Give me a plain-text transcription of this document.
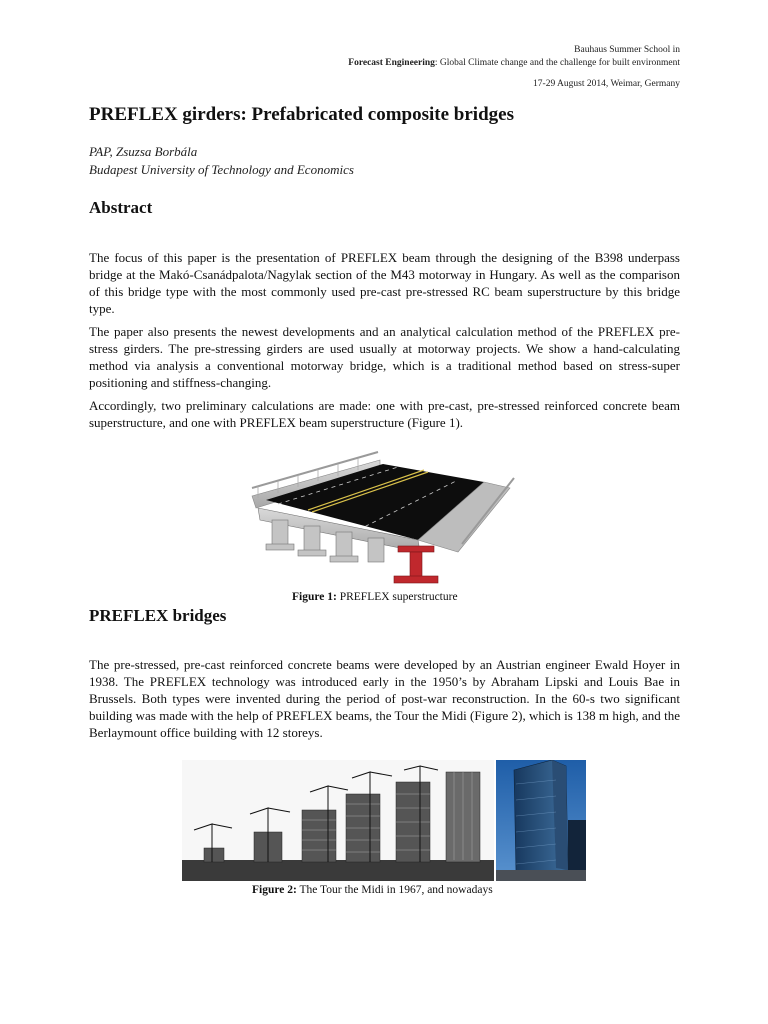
Bauhaus Summer School in
Forecast Engineering: Global Climate change and the challenge for built environment
17-29 August 2014, Weimar, Germany
PREFLEX girders: Prefabricated composite bridges
PAP, Zsuzsa Borbála
Budapest University of Technology and Economics
Abstract

The focus of this paper is the presentation of PREFLEX beam through the designing of the B398 underpass bridge at the Makó-Csanádpalota/Nagylak section of the M43 motorway in Hungary. As well as the comparison of this bridge type with the most commonly used pre-cast pre-stressed RC beam superstructure by this bridge type.

The paper also presents the newest developments and an analytical calculation method of the PREFLEX pre-stress girders. The pre-stressing girders are used usually at motorway projects. We show a hand-calculating method via analysis a conventional motorway bridge, which is a traditional method based on stress-super positioning and stiffness-changing.

Accordingly, two preliminary calculations are made: one with pre-cast, pre-stressed reinforced concrete beam superstructure, and one with PREFLEX beam superstructure (Figure 1).

Figure 1: PREFLEX superstructure
PREFLEX bridges

The pre-stressed, pre-cast reinforced concrete beams were developed by an Austrian engineer Ewald Hoyer in 1938. The PREFLEX technology was introduced early in the 1950’s by Abraham Lipski and Louis Bae in Brussels. Both types were invented during the period of post-war reconstruction. In the 60-s two significant building was made with the help of PREFLEX beams, the Tour the Midi (Figure 2), which is 138 m high, and the Berlaymount office building with 12 storeys.

Figure 2: The Tour the Midi in 1967, and nowadays
